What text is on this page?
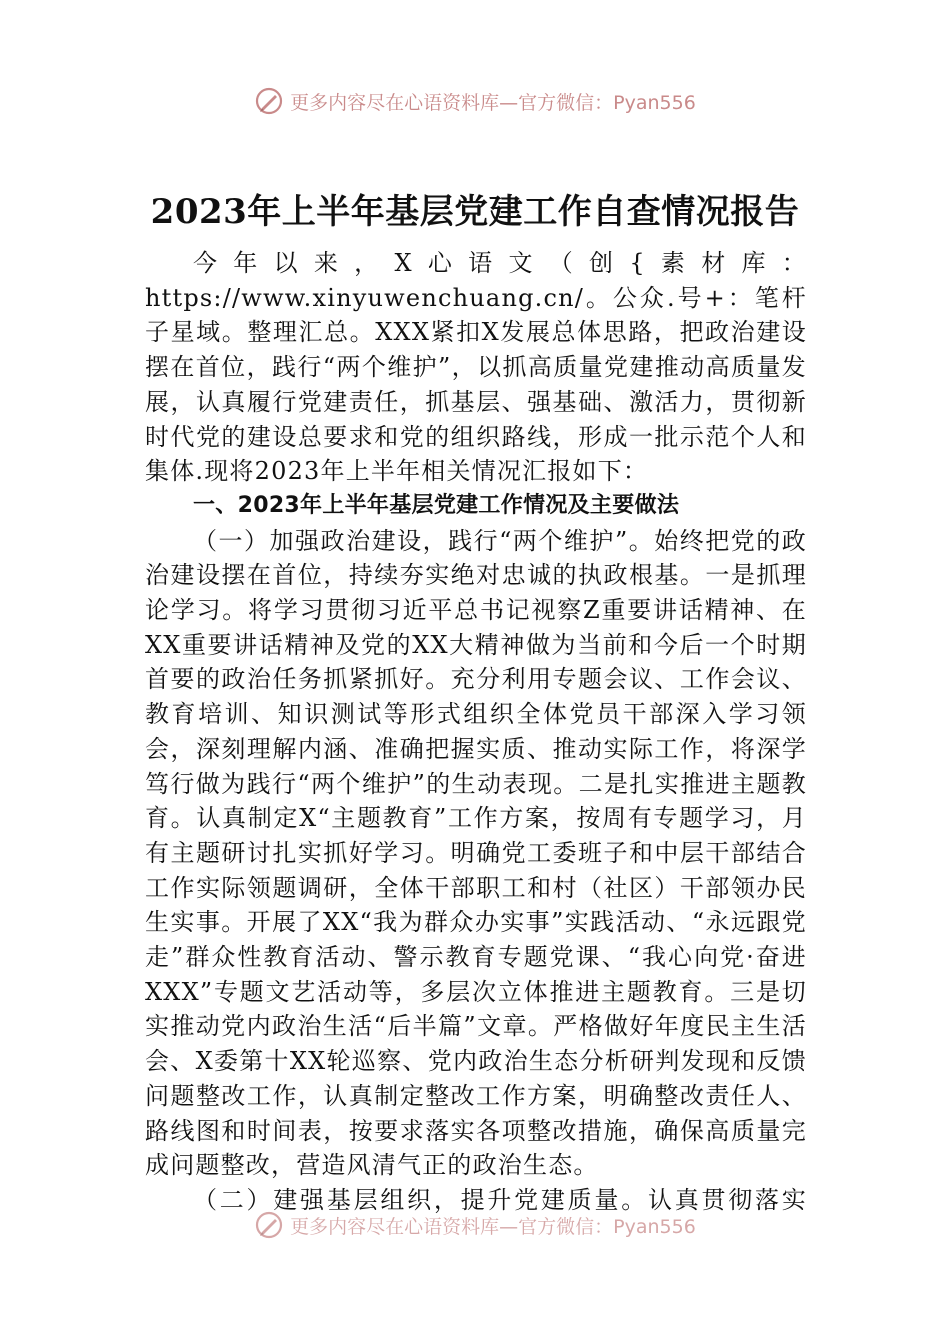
更多内容尽在心语资料库—官方微信：Pyan556
2023年上半年基层党建工作自查情况报告

今年以来，X心语文（创{素材库：https://www.xinyuwenchuang.cn/。公众.号+：笔杆子星域。整理汇总。XXX紧扣X发展总体思路，把政治建设摆在首位，践行“两个维护”，以抓高质量党建推动高质量发展，认真履行党建责任，抓基层、强基础、激活力，贯彻新时代党的建设总要求和党的组织路线，形成一批示范个人和集体.现将2023年上半年相关情况汇报如下：

一、2023年上半年基层党建工作情况及主要做法

（一）加强政治建设，践行“两个维护”。始终把党的政治建设摆在首位，持续夯实绝对忠诚的执政根基。一是抓理论学习。将学习贯彻习近平总书记视察Z重要讲话精神、在XX重要讲话精神及党的XX大精神做为当前和今后一个时期首要的政治任务抓紧抓好。充分利用专题会议、工作会议、教育培训、知识测试等形式组织全体党员干部深入学习领会，深刻理解内涵、准确把握实质、推动实际工作，将深学笃行做为践行“两个维护”的生动表现。二是扎实推进主题教育。认真制定X“主题教育”工作方案，按周有专题学习，月有主题研讨扎实抓好学习。明确党工委班子和中层干部结合工作实际领题调研，全体干部职工和村（社区）干部领办民生实事。开展了XX“我为群众办实事”实践活动、“永远跟党走”群众性教育活动、警示教育专题党课、“我心向党·奋进XXX”专题文艺活动等，多层次立体推进主题教育。三是切实推动党内政治生活“后半篇”文章。严格做好年度民主生活会、X委第十XX轮巡察、党内政治生态分析研判发现和反馈问题整改工作，认真制定整改工作方案，明确整改责任人、路线图和时间表，按要求落实各项整改措施，确保高质量完成问题整改，营造风清气正的政治生态。

（二）建强基层组织，提升党建质量。认真贯彻落实

更多内容尽在心语资料库—官方微信：Pyan556
